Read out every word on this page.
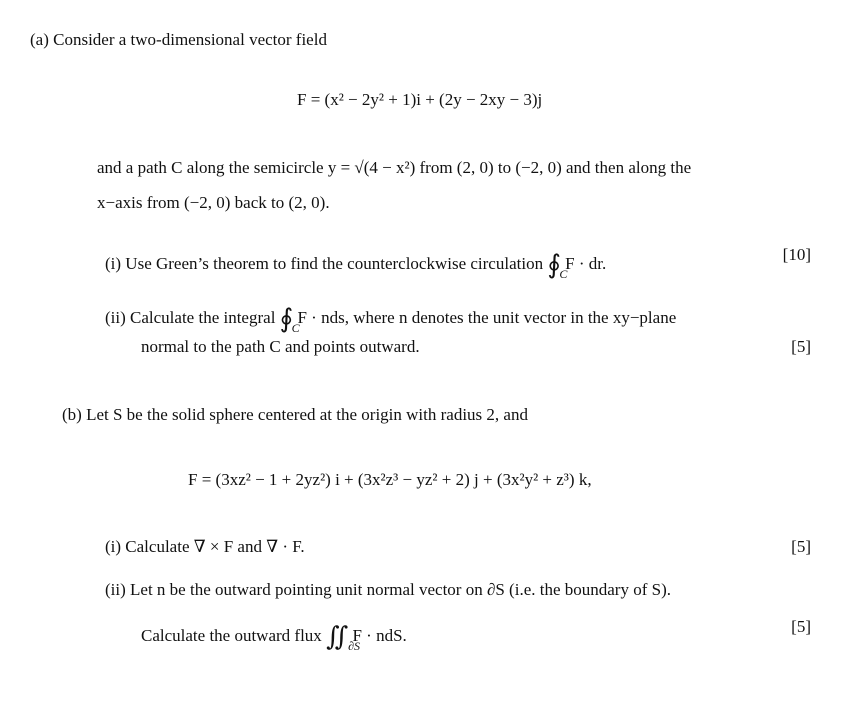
(a) Consider a two-dimensional vector field
F = (x² − 2y² + 1)i + (2y − 2xy − 3)j
and a path C along the semicircle y = √(4 − x²) from (2, 0) to (−2, 0) and then along the
x−axis from (−2, 0) back to (2, 0).
(i) Use Green’s theorem to find the counterclockwise circulation ∮
C
F · dr.	[10]
(ii) Calculate the integral ∮
C
F · nds, where n denotes the unit vector in the xy−plane
normal to the path C and points outward.	[5]
(b) Let S be the solid sphere centered at the origin with radius 2, and
F = (3xz² − 1 + 2yz²) i + (3x²z³ − yz² + 2) j + (3x²y² + z³) k,
(i) Calculate ∇ × F and ∇ · F.	[5]
(ii) Let n be the outward pointing unit normal vector on ∂S (i.e. the boundary of S).
Calculate the outward flux ∬ ∂S
F · ndS.	[5]
